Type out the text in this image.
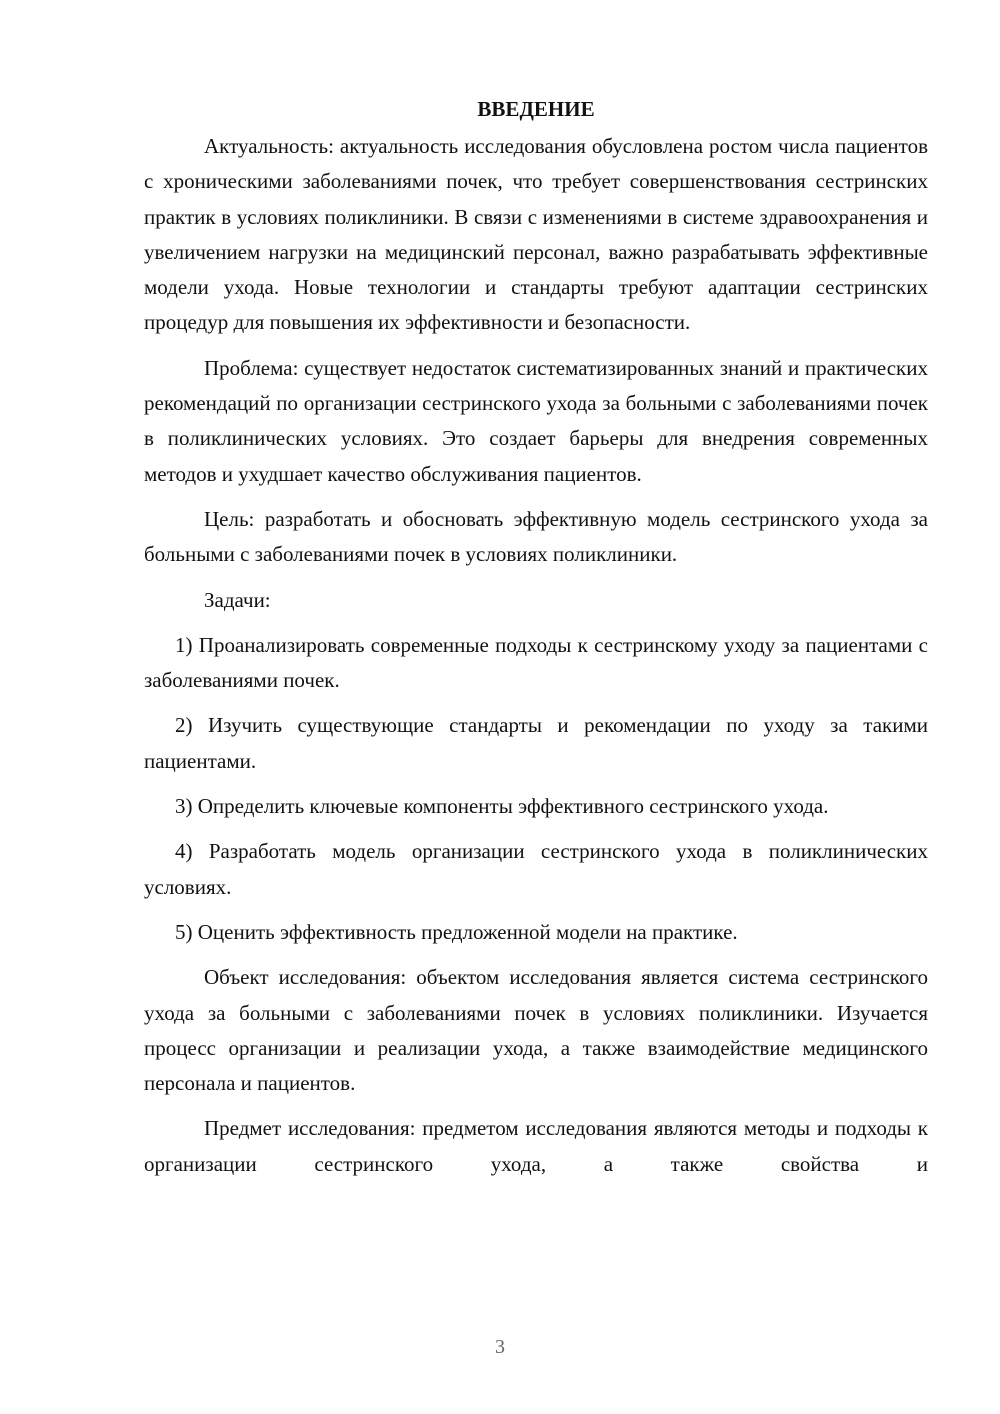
ВВЕДЕНИЕ

Актуальность: актуальность исследования обусловлена ростом числа пациентов с хроническими заболеваниями почек, что требует совершенствования сестринских практик в условиях поликлиники. В связи с изменениями в системе здравоохранения и увеличением нагрузки на медицинский персонал, важно разрабатывать эффективные модели ухода. Новые технологии и стандарты требуют адаптации сестринских процедур для повышения их эффективности и безопасности.

Проблема: существует недостаток систематизированных знаний и практических рекомендаций по организации сестринского ухода за больными с заболеваниями почек в поликлинических условиях. Это создает барьеры для внедрения современных методов и ухудшает качество обслуживания пациентов.

Цель: разработать и обосновать эффективную модель сестринского ухода за больными с заболеваниями почек в условиях поликлиники.

Задачи:

1) Проанализировать современные подходы к сестринскому уходу за пациентами с заболеваниями почек.

2) Изучить существующие стандарты и рекомендации по уходу за такими пациентами.

3) Определить ключевые компоненты эффективного сестринского ухода.

4) Разработать модель организации сестринского ухода в поликлинических условиях.

5) Оценить эффективность предложенной модели на практике.

Объект исследования: объектом исследования является система сестринского ухода за больными с заболеваниями почек в условиях поликлиники. Изучается процесс организации и реализации ухода, а также взаимодействие медицинского персонала и пациентов.

Предмет исследования: предметом исследования являются методы и подходы к организации сестринского ухода, а также свойства и

3
